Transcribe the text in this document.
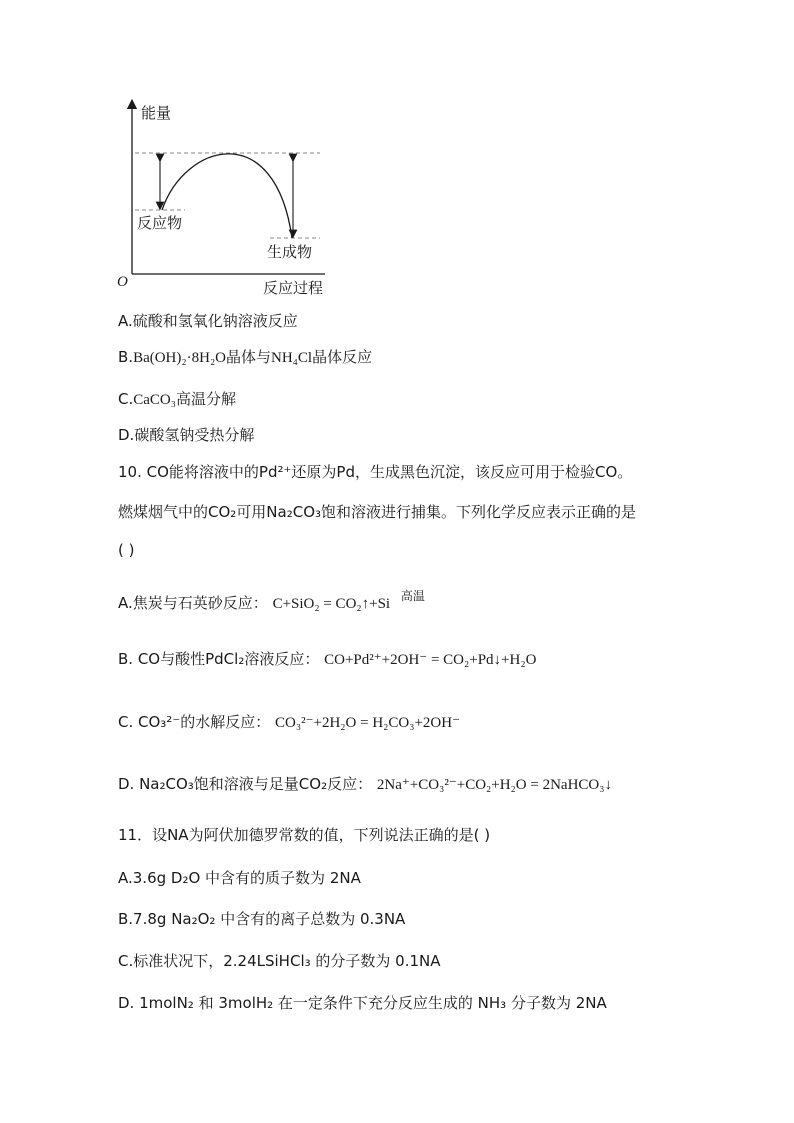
能量
O	反应过程
反应物
生成物
A.硫酸和氢氧化钠溶液反应
B.Ba(OH)₂·8H₂O晶体与NH₄Cl晶体反应
C.CaCO₃高温分解
D.碳酸氢钠受热分解
10. CO能将溶液中的Pd²⁺还原为Pd，生成黑色沉淀，该反应可用于检验CO。
燃煤烟气中的CO₂可用Na₂CO₃饱和溶液进行捕集。下列化学反应表示正确的是
( )
A.焦炭与石英砂反应： C+SiO₂ = CO₂↑+Si $^{高温}$
B. CO与酸性PdCl₂溶液反应： CO+Pd²⁺+2OH⁻ = CO₂+Pd↓+H₂O
C. CO₃²⁻的水解反应： CO₃²⁻+2H₂O = H₂CO₃+2OH⁻
D. Na₂CO₃饱和溶液与足量CO₂反应： 2Na⁺+CO₃²⁻+CO₂+H₂O = 2NaHCO₃↓
11．设NA为阿伏加德罗常数的值，下列说法正确的是( )
A.3.6g D₂O 中含有的质子数为 2NA
B.7.8g Na₂O₂ 中含有的离子总数为 0.3NA
C.标准状况下，2.24LSiHCl₃ 的分子数为 0.1NA
D. 1molN₂ 和 3molH₂ 在一定条件下充分反应生成的 NH₃ 分子数为 2NA
